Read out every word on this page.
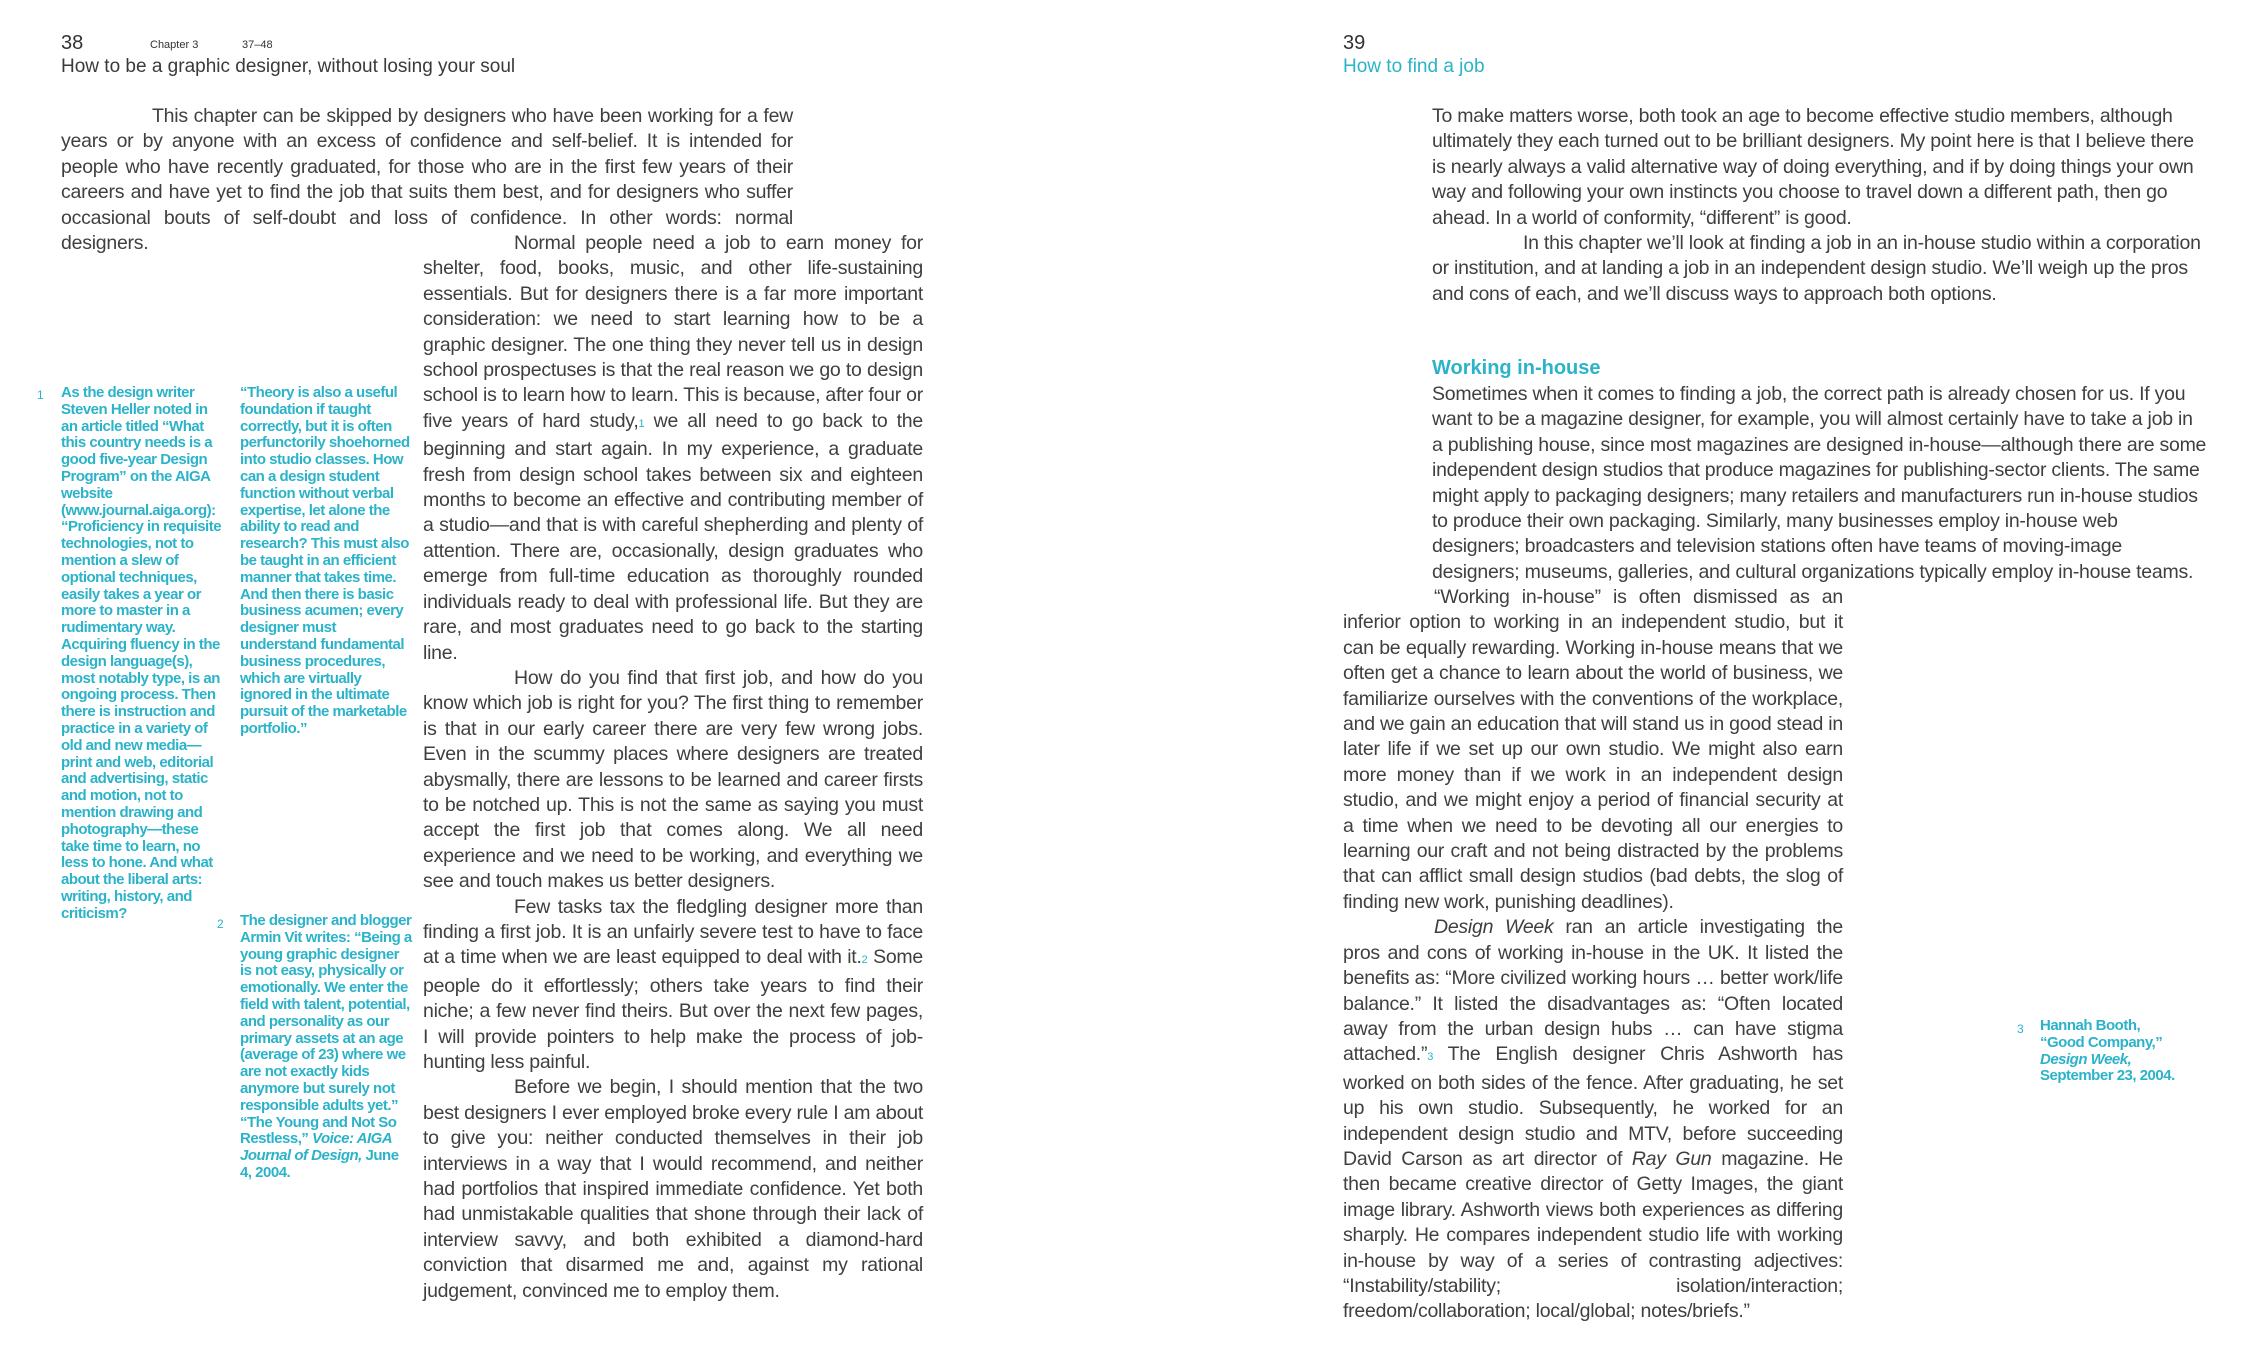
38	Chapter 3	37–48
How to be a graphic designer, without losing your soul

This chapter can be skipped by designers who have been working for a few years or by anyone with an excess of confidence and self-belief. It is intended for people who have recently graduated, for those who are in the first few years of their careers and have yet to find the job that suits them best, and for designers who suffer occasional bouts of self-doubt and loss of confidence. In other words: normal designers.	Normal people need a job to earn money for shelter, food, books, music, and other life-sustaining essentials. But for designers there is a far more important consideration: we need to start learning how to be a graphic designer. The one thing they never tell us in design school prospectuses is that the real reason we go to design school is to learn how to learn. This is because, after four or five years of hard study,1 we all need to go back to the beginning and start again. In my experience, a graduate fresh from design school takes between six and eighteen months to become an effective and contributing member of a studio—and that is with careful shepherding and plenty of attention. There are, occasionally, design graduates who emerge from full-time education as thoroughly rounded individuals ready to deal with professional life. But they are rare, and most graduates need to go back to the starting line.

How do you find that first job, and how do you know which job is right for you? The first thing to remember is that in our early career there are very few wrong jobs. Even in the scummy places where designers are treated abysmally, there are lessons to be learned and career firsts to be notched up. This is not the same as saying you must accept the first job that comes along. We all need experience and we need to be working, and everything we see and touch makes us better designers.

Few tasks tax the fledgling designer more than finding a first job. It is an unfairly severe test to have to face at a time when we are least equipped to deal with it.2 Some people do it effortlessly; others take years to find their niche; a few never find theirs. But over the next few pages, I will provide pointers to help make the process of job-hunting less painful.

Before we begin, I should mention that the two best designers I ever employed broke every rule I am about to give you: neither conducted themselves in their job interviews in a way that I would recommend, and neither had portfolios that inspired immediate confidence. Yet both had unmistakable qualities that shone through their lack of interview savvy, and both exhibited a diamond-hard conviction that disarmed me and, against my rational judgement, convinced me to employ them.

1 As the design writer Steven Heller noted in an article titled “What this country needs is a good five-year Design Program” on the AIGA website (www.journal.aiga.org): “Proficiency in requisite technologies, not to mention a slew of optional techniques, easily takes a year or more to master in a rudimentary way. Acquiring fluency in the design language(s), most notably type, is an ongoing process. Then there is instruction and practice in a variety of old and new media—print and web, editorial and advertising, static and motion, not to mention drawing and photography—these take time to learn, no less to hone. And what about the liberal arts: writing, history, and criticism?

“Theory is also a useful foundation if taught correctly, but it is often perfunctorily shoehorned into studio classes. How can a design student function without verbal expertise, let alone the ability to read and research? This must also be taught in an efficient manner that takes time. And then there is basic business acumen; every designer must understand fundamental business procedures, which are virtually ignored in the ultimate pursuit of the marketable portfolio.”

2 The designer and blogger Armin Vit writes: “Being a young graphic designer is not easy, physically or emotionally. We enter the field with talent, potential, and personality as our primary assets at an age (average of 23) where we are not exactly kids anymore but surely not responsible adults yet.” “The Young and Not So Restless,” Voice: AIGA Journal of Design, June 4, 2004.

39
How to find a job

To make matters worse, both took an age to become effective studio members, although ultimately they each turned out to be brilliant designers. My point here is that I believe there is nearly always a valid alternative way of doing everything, and if by doing things your own way and following your own instincts you choose to travel down a different path, then go ahead. In a world of conformity, “different” is good.

In this chapter we’ll look at finding a job in an in-house studio within a corporation or institution, and at landing a job in an independent design studio. We’ll weigh up the pros and cons of each, and we’ll discuss ways to approach both options.

Working in-house

Sometimes when it comes to finding a job, the correct path is already chosen for us. If you want to be a magazine designer, for example, you will almost certainly have to take a job in a publishing house, since most magazines are designed in-house—although there are some independent design studios that produce magazines for publishing-sector clients. The same might apply to packaging designers; many retailers and manufacturers run in-house studios to produce their own packaging. Similarly, many businesses employ in-house web designers; broadcasters and television stations often have teams of moving-image designers; museums, galleries, and cultural organizations typically employ in-house teams.

“Working in-house” is often dismissed as an inferior option to working in an independent studio, but it can be equally rewarding. Working in-house means that we often get a chance to learn about the world of business, we familiarize ourselves with the conventions of the workplace, and we gain an education that will stand us in good stead in later life if we set up our own studio. We might also earn more money than if we work in an independent design studio, and we might enjoy a period of financial security at a time when we need to be devoting all our energies to learning our craft and not being distracted by the problems that can afflict small design studios (bad debts, the slog of finding new work, punishing deadlines).

Design Week ran an article investigating the pros and cons of working in-house in the UK. It listed the benefits as: “More civilized working hours … better work/life balance.” It listed the disadvantages as: “Often located away from the urban design hubs … can have stigma attached.”3 The English designer Chris Ashworth has worked on both sides of the fence. After graduating, he set up his own studio. Subsequently, he worked for an independent design studio and MTV, before succeeding David Carson as art director of Ray Gun magazine. He then became creative director of Getty Images, the giant image library. Ashworth views both experiences as differing sharply. He compares independent studio life with working in-house by way of a series of contrasting adjectives: “Instability/stability; isolation/interaction; freedom/collaboration; local/global; notes/briefs.”

3 Hannah Booth,
“Good Company,”
Design Week,
September 23, 2004.
